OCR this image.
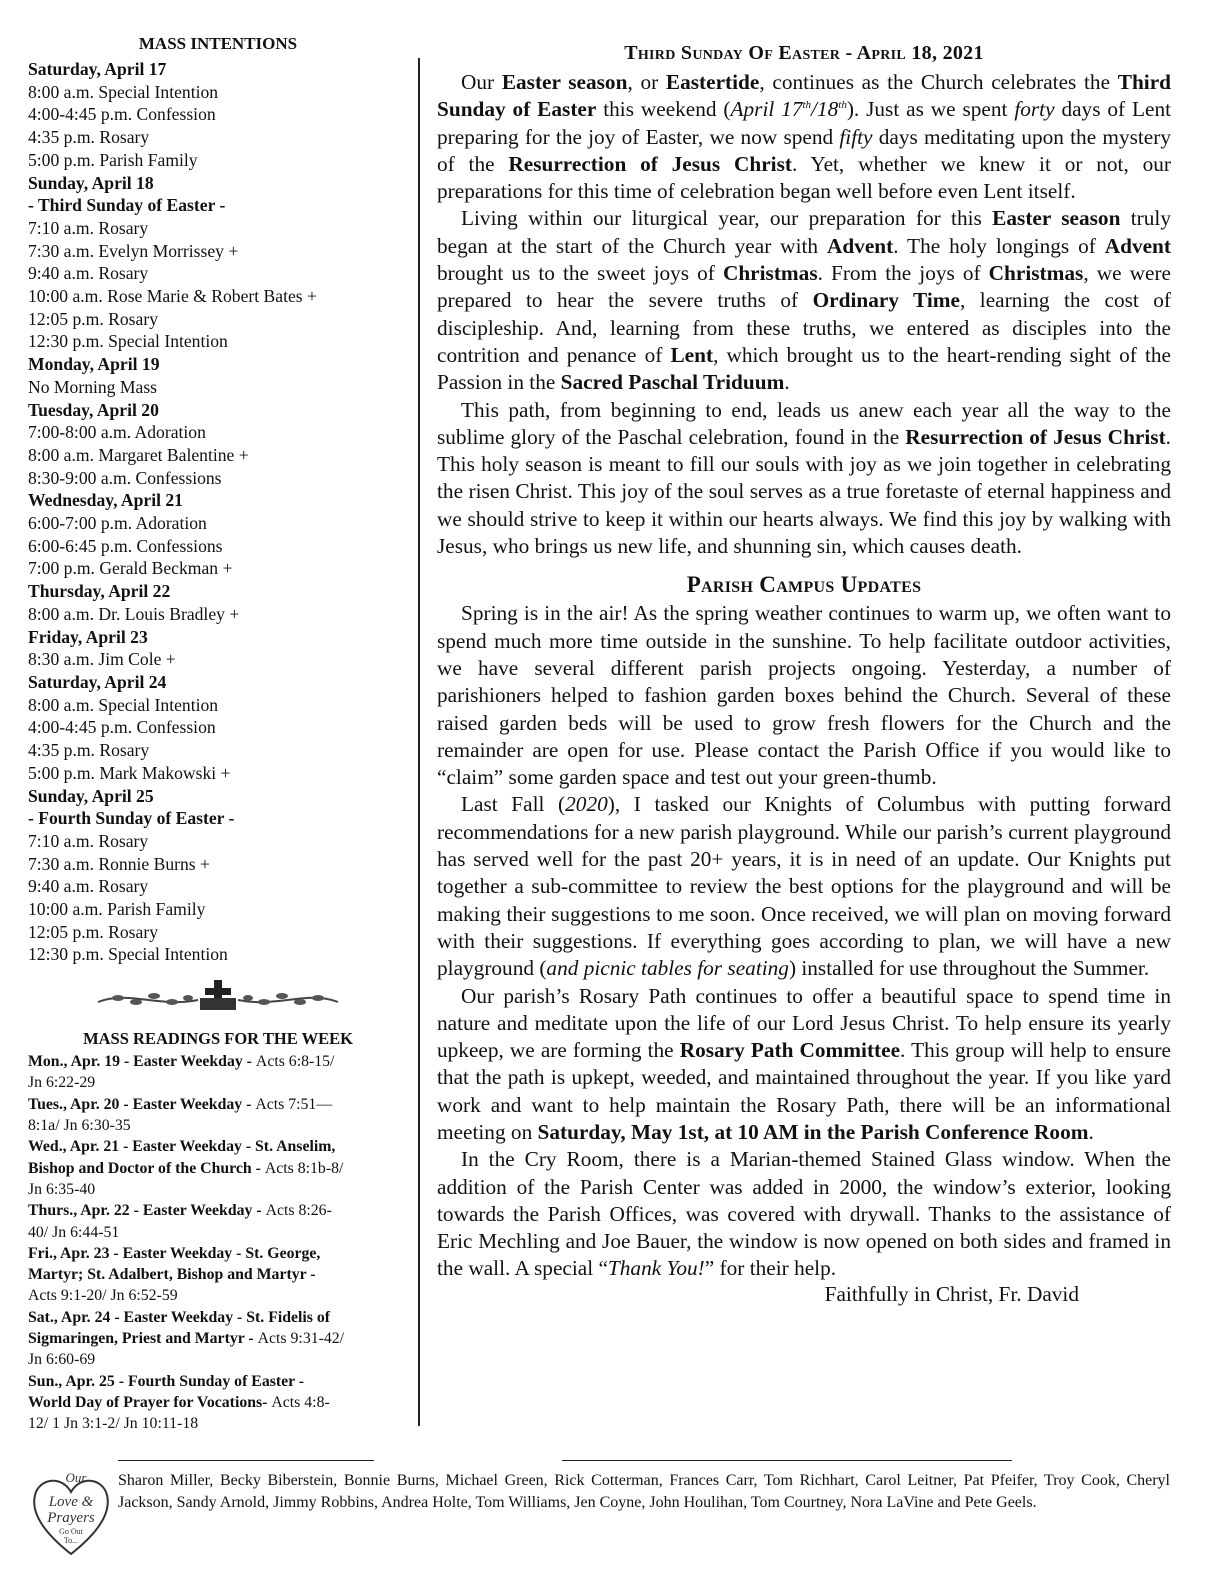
MASS INTENTIONS
Saturday, April 17
8:00 a.m. Special Intention
4:00-4:45 p.m. Confession
4:35 p.m. Rosary
5:00 p.m. Parish Family
Sunday, April 18
- Third Sunday of Easter -
7:10 a.m. Rosary
7:30 a.m. Evelyn Morrissey +
9:40 a.m. Rosary
10:00 a.m. Rose Marie & Robert Bates +
12:05 p.m. Rosary
12:30 p.m. Special Intention
Monday, April 19
No Morning Mass
Tuesday, April 20
7:00-8:00 a.m. Adoration
8:00 a.m. Margaret Balentine +
8:30-9:00 a.m. Confessions
Wednesday, April 21
6:00-7:00 p.m. Adoration
6:00-6:45 p.m. Confessions
7:00 p.m. Gerald Beckman +
Thursday, April 22
8:00 a.m. Dr. Louis Bradley +
Friday, April 23
8:30 a.m. Jim Cole +
Saturday, April 24
8:00 a.m. Special Intention
4:00-4:45 p.m. Confession
4:35 p.m. Rosary
5:00 p.m. Mark Makowski +
Sunday, April 25
- Fourth Sunday of Easter -
7:10 a.m. Rosary
7:30 a.m. Ronnie Burns +
9:40 a.m. Rosary
10:00 a.m. Parish Family
12:05 p.m. Rosary
12:30 p.m. Special Intention
MASS READINGS FOR THE WEEK
Mon., Apr. 19 - Easter Weekday - Acts 6:8-15/
Jn 6:22-29
Tues., Apr. 20 - Easter Weekday - Acts 7:51—
8:1a/ Jn 6:30-35
Wed., Apr. 21 - Easter Weekday - St. Anselim,
Bishop and Doctor of the Church - Acts 8:1b-8/
Jn 6:35-40
Thurs., Apr. 22 - Easter Weekday - Acts 8:26-
40/ Jn 6:44-51
Fri., Apr. 23 - Easter Weekday - St. George,
Martyr; St. Adalbert, Bishop and Martyr -
Acts 9:1-20/ Jn 6:52-59
Sat., Apr. 24 - Easter Weekday - St. Fidelis of
Sigmaringen, Priest and Martyr - Acts 9:31-42/
Jn 6:60-69
Sun., Apr. 25 - Fourth Sunday of Easter -
World Day of Prayer for Vocations- Acts 4:8-
12/ 1 Jn 3:1-2/ Jn 10:11-18
Third Sunday Of Easter - April 18, 2021

Our Easter season, or Eastertide, continues as the Church celebrates the Third Sunday of Easter this weekend (April 17th/18th). Just as we spent forty days of Lent preparing for the joy of Easter, we now spend fifty days meditating upon the mystery of the Resurrection of Jesus Christ. Yet, whether we knew it or not, our preparations for this time of celebration began well before even Lent itself.

Living within our liturgical year, our preparation for this Easter season truly began at the start of the Church year with Advent. The holy longings of Advent brought us to the sweet joys of Christmas. From the joys of Christmas, we were prepared to hear the severe truths of Ordinary Time, learning the cost of discipleship. And, learning from these truths, we entered as disciples into the contrition and penance of Lent, which brought us to the heart-rending sight of the Passion in the Sacred Paschal Triduum.

This path, from beginning to end, leads us anew each year all the way to the sublime glory of the Paschal celebration, found in the Resurrection of Jesus Christ. This holy season is meant to fill our souls with joy as we join together in celebrating the risen Christ. This joy of the soul serves as a true foretaste of eternal happiness and we should strive to keep it within our hearts always. We find this joy by walking with Jesus, who brings us new life, and shunning sin, which causes death.

Parish Campus Updates

Spring is in the air! As the spring weather continues to warm up, we often want to spend much more time outside in the sunshine. To help facilitate outdoor activities, we have several different parish projects ongoing. Yesterday, a number of parishioners helped to fashion garden boxes behind the Church. Several of these raised garden beds will be used to grow fresh flowers for the Church and the remainder are open for use. Please contact the Parish Office if you would like to “claim” some garden space and test out your green-thumb.

Last Fall (2020), I tasked our Knights of Columbus with putting forward recommendations for a new parish playground. While our parish’s current playground has served well for the past 20+ years, it is in need of an update. Our Knights put together a sub-committee to review the best options for the playground and will be making their suggestions to me soon. Once received, we will plan on moving forward with their suggestions. If everything goes according to plan, we will have a new playground (and picnic tables for seating) installed for use throughout the Summer.

Our parish’s Rosary Path continues to offer a beautiful space to spend time in nature and meditate upon the life of our Lord Jesus Christ. To help ensure its yearly upkeep, we are forming the Rosary Path Committee. This group will help to ensure that the path is upkept, weeded, and maintained throughout the year. If you like yard work and want to help maintain the Rosary Path, there will be an informational meeting on Saturday, May 1st, at 10 AM in the Parish Conference Room.

In the Cry Room, there is a Marian-themed Stained Glass window. When the addition of the Parish Center was added in 2000, the window’s exterior, looking towards the Parish Offices, was covered with drywall. Thanks to the assistance of Eric Mechling and Joe Bauer, the window is now opened on both sides and framed in the wall. A special “Thank You!” for their help.

Faithfully in Christ, Fr. David
Our
Love &
Prayers
Go Out
To...
Sharon Miller, Becky Biberstein, Bonnie Burns, Michael Green, Rick Cotterman, Frances Carr, Tom Richhart, Carol Leitner, Pat Pfeifer, Troy Cook, Cheryl Jackson, Sandy Arnold, Jimmy Robbins, Andrea Holte, Tom Williams, Jen Coyne, John Houlihan, Tom Courtney, Nora LaVine and Pete Geels.
